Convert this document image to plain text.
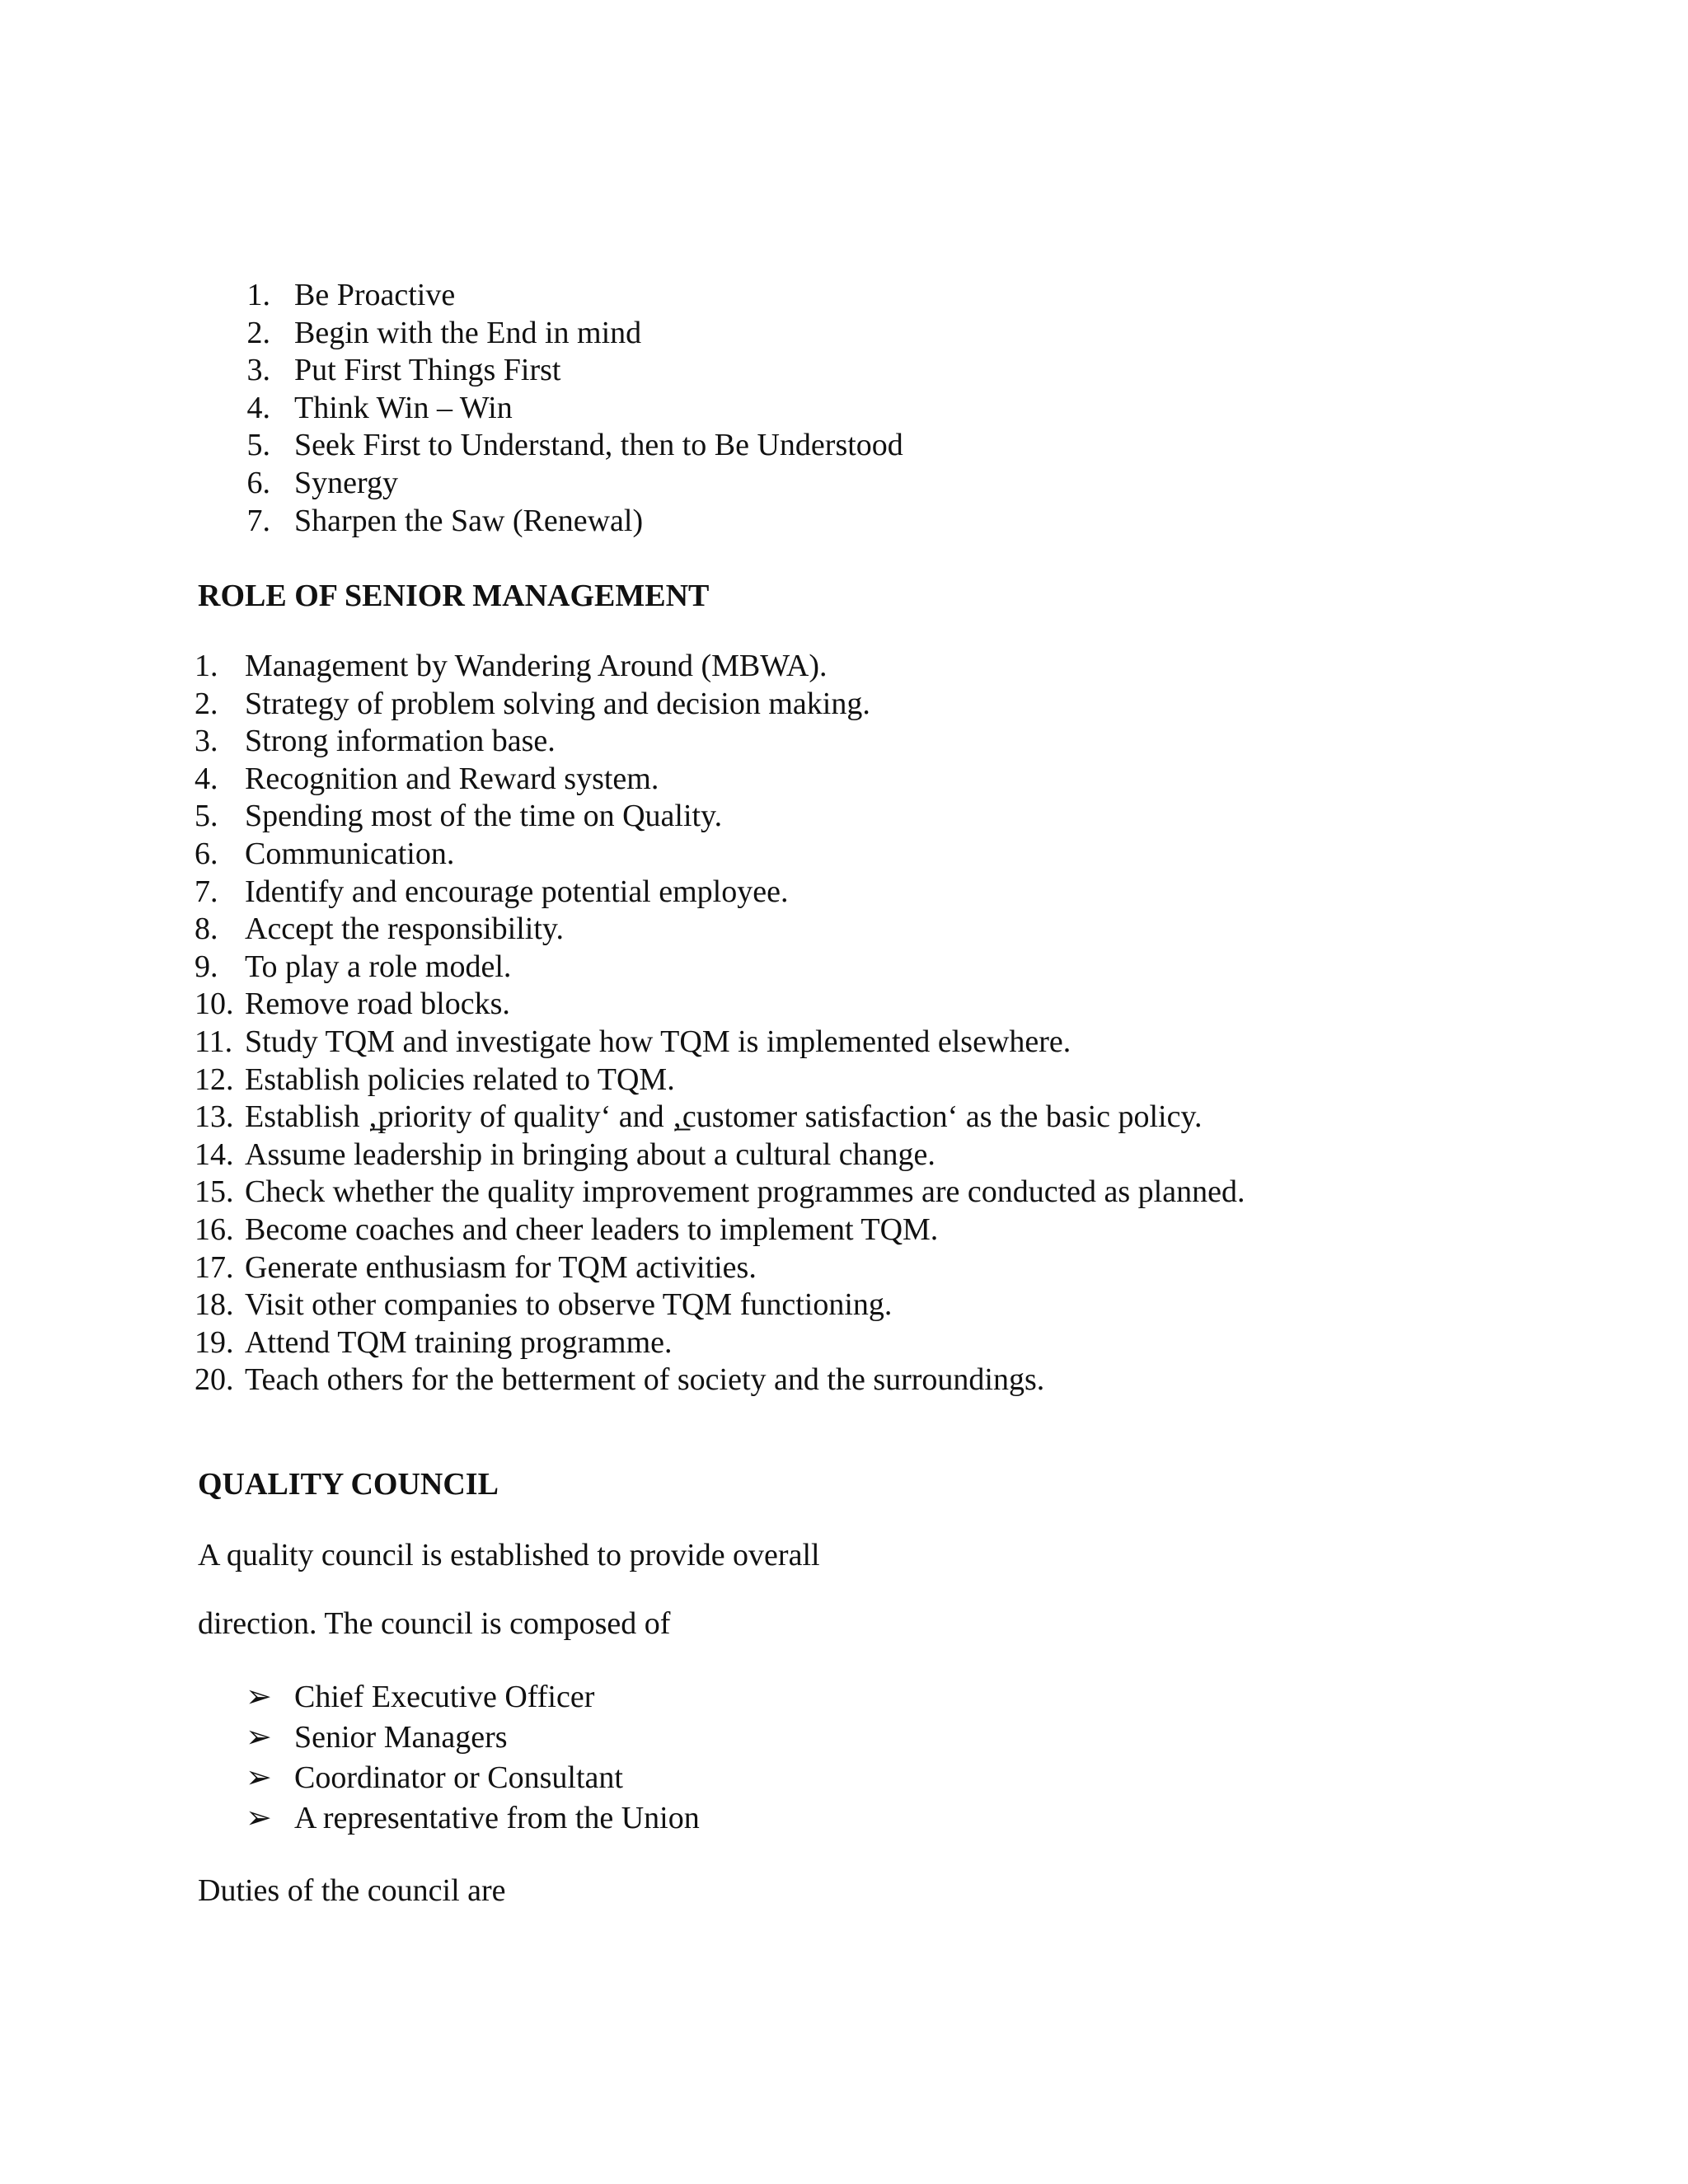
1. Be Proactive
2. Begin with the End in mind
3. Put First Things First
4. Think Win – Win
5. Seek First to Understand, then to Be Understood
6. Synergy
7. Sharpen the Saw (Renewal)
ROLE OF SENIOR MANAGEMENT
1. Management by Wandering Around (MBWA).
2. Strategy of problem solving and decision making.
3. Strong information base.
4. Recognition and Reward system.
5. Spending most of the time on Quality.
6. Communication.
7. Identify and encourage potential employee.
8. Accept the responsibility.
9. To play a role model.
10. Remove road blocks.
11. Study TQM and investigate how TQM is implemented elsewhere.
12. Establish policies related to TQM.
13. Establish ‚̲priority of quality‘ and ‚̲customer satisfaction‘ as the basic policy.
14. Assume leadership in bringing about a cultural change.
15. Check whether the quality improvement programmes are conducted as planned.
16. Become coaches and cheer leaders to implement TQM.
17. Generate enthusiasm for TQM activities.
18. Visit other companies to observe TQM functioning.
19. Attend TQM training programme.
20. Teach others for the betterment of society and the surroundings.
QUALITY COUNCIL

A quality council is established to provide overall

direction. The council is composed of

➢ Chief Executive Officer
➢ Senior Managers
➢ Coordinator or Consultant
➢ A representative from the Union

Duties of the council are
